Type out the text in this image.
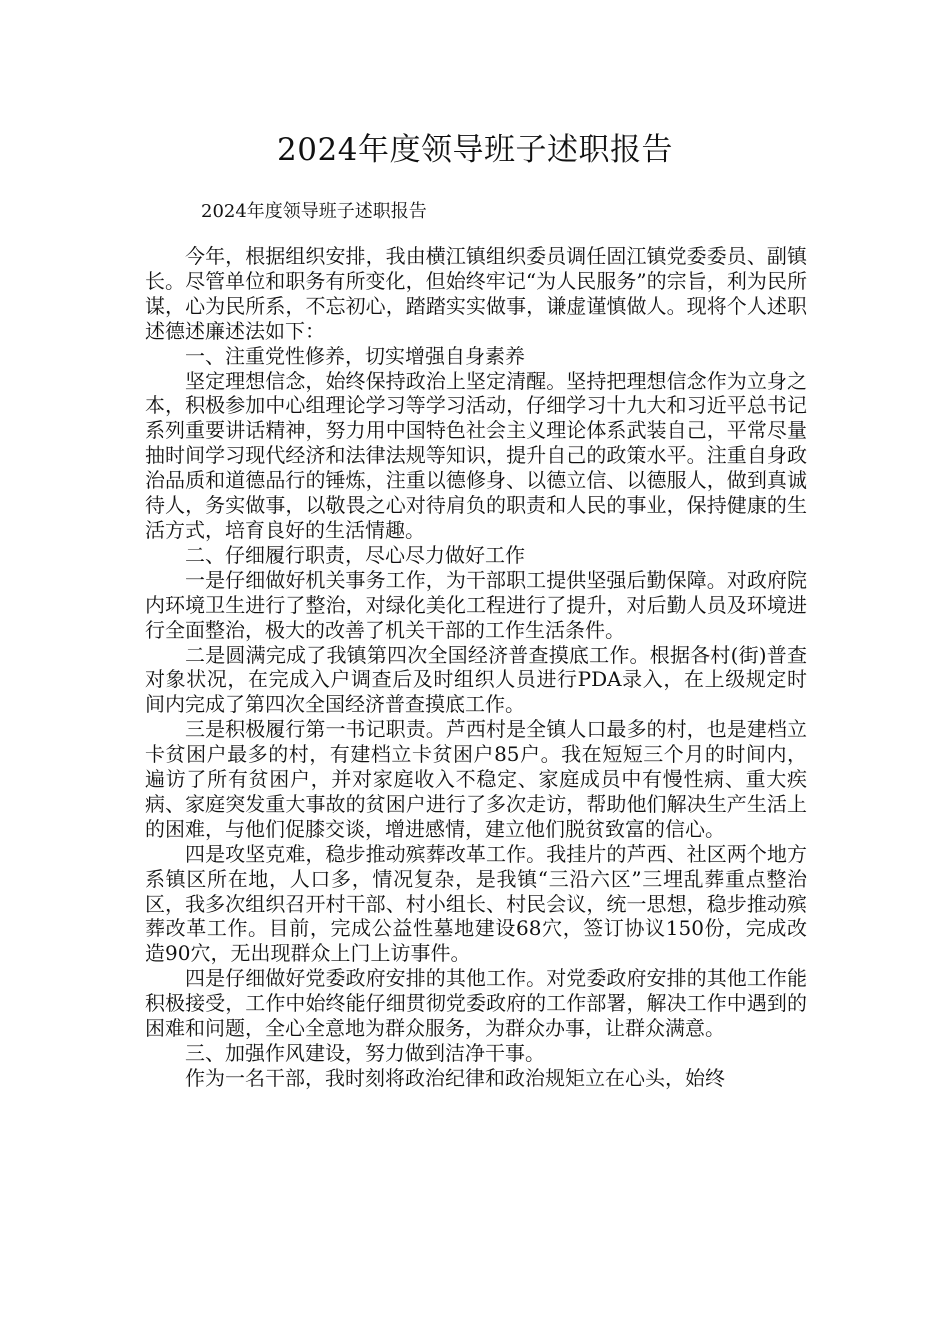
2024年度领导班子述职报告
2024年度领导班子述职报告

今年，根据组织安排，我由横江镇组织委员调任固江镇党委委员、副镇长。尽管单位和职务有所变化，但始终牢记“为人民服务”的宗旨，利为民所谋，心为民所系，不忘初心，踏踏实实做事，谦虚谨慎做人。现将个人述职述德述廉述法如下：

一、注重党性修养，切实增强自身素养

坚定理想信念，始终保持政治上坚定清醒。坚持把理想信念作为立身之本，积极参加中心组理论学习等学习活动，仔细学习十九大和习近平总书记系列重要讲话精神，努力用中国特色社会主义理论体系武装自己，平常尽量抽时间学习现代经济和法律法规等知识，提升自己的政策水平。注重自身政治品质和道德品行的锤炼，注重以德修身、以德立信、以德服人，做到真诚待人，务实做事，以敬畏之心对待肩负的职责和人民的事业，保持健康的生活方式，培育良好的生活情趣。

二、仔细履行职责，尽心尽力做好工作

一是仔细做好机关事务工作，为干部职工提供坚强后勤保障。对政府院内环境卫生进行了整治，对绿化美化工程进行了提升，对后勤人员及环境进行全面整治，极大的改善了机关干部的工作生活条件。

二是圆满完成了我镇第四次全国经济普查摸底工作。根据各村(街)普查对象状况，在完成入户调查后及时组织人员进行PDA录入，在上级规定时间内完成了第四次全国经济普查摸底工作。

三是积极履行第一书记职责。芦西村是全镇人口最多的村，也是建档立卡贫困户最多的村，有建档立卡贫困户85户。我在短短三个月的时间内，遍访了所有贫困户，并对家庭收入不稳定、家庭成员中有慢性病、重大疾病、家庭突发重大事故的贫困户进行了多次走访，帮助他们解决生产生活上的困难，与他们促膝交谈，增进感情，建立他们脱贫致富的信心。

四是攻坚克难，稳步推动殡葬改革工作。我挂片的芦西、社区两个地方系镇区所在地，人口多，情况复杂，是我镇“三沿六区”三埋乱葬重点整治区，我多次组织召开村干部、村小组长、村民会议，统一思想，稳步推动殡葬改革工作。目前，完成公益性墓地建设68穴，签订协议150份，完成改造90穴，无出现群众上门上访事件。

四是仔细做好党委政府安排的其他工作。对党委政府安排的其他工作能积极接受，工作中始终能仔细贯彻党委政府的工作部署，解决工作中遇到的困难和问题，全心全意地为群众服务，为群众办事，让群众满意。

三、加强作风建设，努力做到洁净干事。

作为一名干部，我时刻将政治纪律和政治规矩立在心头，始终
